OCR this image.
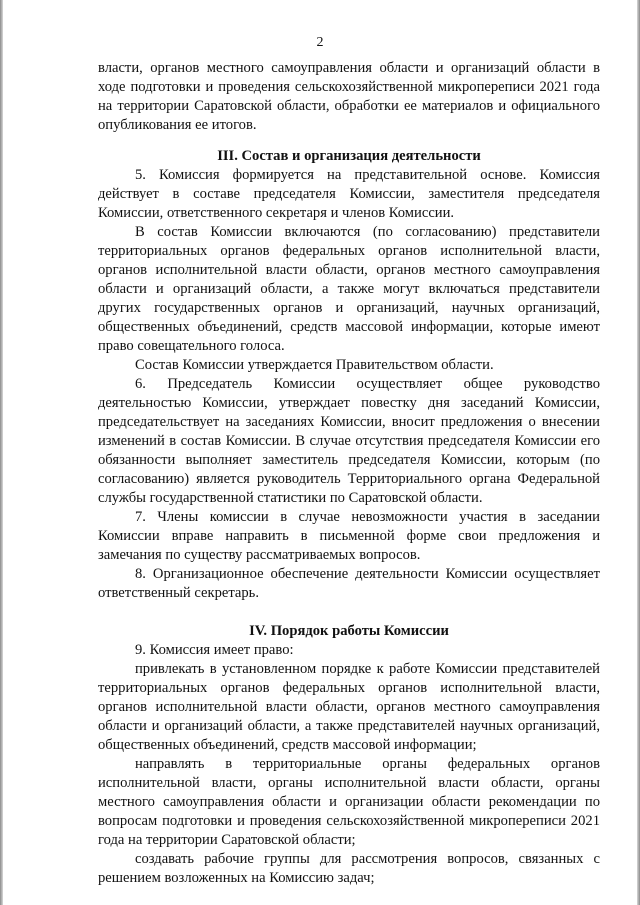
2

власти, органов местного самоуправления области и организаций области в ходе подготовки и проведения сельскохозяйственной микропереписи 2021 года на территории Саратовской области, обработки ее материалов и официального опубликования ее итогов.

III. Состав и организация деятельности

5. Комиссия формируется на представительной основе. Комиссия действует в составе председателя Комиссии, заместителя председателя Комиссии, ответственного секретаря и членов Комиссии.

В состав Комиссии включаются (по согласованию) представители территориальных органов федеральных органов исполнительной власти, органов исполнительной власти области, органов местного самоуправления области и организаций области, а также могут включаться представители других государственных органов и организаций, научных организаций, общественных объединений, средств массовой информации, которые имеют право совещательного голоса.

Состав Комиссии утверждается Правительством области.

6. Председатель Комиссии осуществляет общее руководство деятельностью Комиссии, утверждает повестку дня заседаний Комиссии, председательствует на заседаниях Комиссии, вносит предложения о внесении изменений в состав Комиссии. В случае отсутствия председателя Комиссии его обязанности выполняет заместитель председателя Комиссии, которым (по согласованию) является руководитель Территориального органа Федеральной службы государственной статистики по Саратовской области.

7. Члены комиссии в случае невозможности участия в заседании Комиссии вправе направить в письменной форме свои предложения и замечания по существу рассматриваемых вопросов.

8. Организационное обеспечение деятельности Комиссии осуществляет ответственный секретарь.

IV. Порядок работы Комиссии

9. Комиссия имеет право:

привлекать в установленном порядке к работе Комиссии представителей территориальных органов федеральных органов исполнительной власти, органов исполнительной власти области, органов местного самоуправления области и организаций области, а также представителей научных организаций, общественных объединений, средств массовой информации;

направлять в территориальные органы федеральных органов исполнительной власти, органы исполнительной власти области, органы местного самоуправления области и организации области рекомендации по вопросам подготовки и проведения сельскохозяйственной микропереписи 2021 года на территории Саратовской области;

создавать рабочие группы для рассмотрения вопросов, связанных с решением возложенных на Комиссию задач;
